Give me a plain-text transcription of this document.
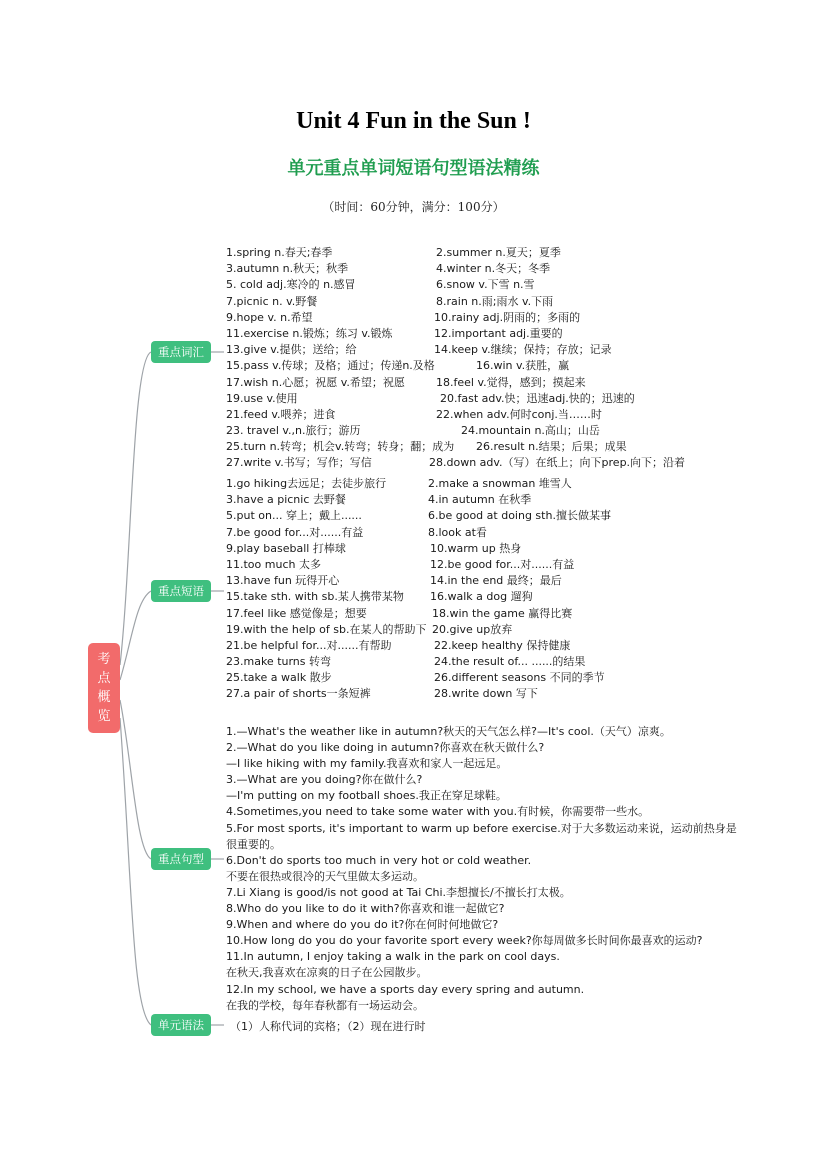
Unit 4 Fun in the Sun !
单元重点单词短语句型语法精练
（时间：60分钟，满分：100分）
考
点
概
览
重点词汇
重点短语
重点句型
单元语法
1.spring n.春天;春季	2.summer n.夏天；夏季
3.autumn n.秋天；秋季	4.winter n.冬天；冬季
5. cold adj.寒冷的 n.感冒	6.snow v.下雪 n.雪
7.picnic n. v.野餐	8.rain n.雨;雨水 v.下雨
9.hope v. n.希望	10.rainy adj.阴雨的；多雨的
11.exercise n.锻炼；练习 v.锻炼	12.important adj.重要的
13.give v.提供；送给；给	14.keep v.继续；保持；存放；记录
15.pass v.传球；及格；通过；传递n.及格	16.win v.获胜，赢
17.wish n.心愿；祝愿 v.希望；祝愿	18.feel v.觉得，感到；摸起来
19.use v.使用	20.fast adv.快；迅速adj.快的；迅速的
21.feed v.喂养；进食	22.when adv.何时conj.当……时
23. travel v.,n.旅行；游历	24.mountain n.高山；山岳
25.turn n.转弯；机会v.转弯；转身；翻；成为 26.result n.结果；后果；成果
27.write v.书写；写作；写信	28.down adv.（写）在纸上；向下prep.向下；沿着
1.go hiking去远足；去徒步旅行	2.make a snowman 堆雪人
3.have a picnic 去野餐	4.in autumn 在秋季
5.put on... 穿上；戴上......	6.be good at doing sth.擅长做某事
7.be good for...对......有益	8.look at看
9.play baseball 打棒球	10.warm up 热身
11.too much 太多	12.be good for...对......有益
13.have fun 玩得开心	14.in the end 最终；最后
15.take sth. with sb.某人携带某物 16.walk a dog 遛狗
17.feel like 感觉像是；想要	18.win the game 赢得比赛
19.with the help of sb.在某人的帮助下 20.give up放弃
21.be helpful for...对......有帮助	22.keep healthy 保持健康
23.make turns 转弯	24.the result of... ......的结果
25.take a walk 散步	26.different seasons 不同的季节
27.a pair of shorts一条短裤	28.write down 写下
1.—What's the weather like in autumn?秋天的天气怎么样?—It's cool.（天气）凉爽。
2.—What do you like doing in autumn?你喜欢在秋天做什么?
—I like hiking with my family.我喜欢和家人一起远足。
3.—What are you doing?你在做什么?
—I'm putting on my football shoes.我正在穿足球鞋。
4.Sometimes,you need to take some water with you.有时候，你需要带一些水。
5.For most sports, it's important to warm up before exercise.对于大多数运动来说，运动前热身是
很重要的。
6.Don't do sports too much in very hot or cold weather.
不要在很热或很冷的天气里做太多运动。
7.Li Xiang is good/is not good at Tai Chi.李想擅长/不擅长打太极。
8.Who do you like to do it with?你喜欢和谁一起做它?
9.When and where do you do it?你在何时何地做它?
10.How long do you do your favorite sport every week?你每周做多长时间你最喜欢的运动?
11.In autumn, I enjoy taking a walk in the park on cool days.
在秋天,我喜欢在凉爽的日子在公园散步。
12.In my school, we have a sports day every spring and autumn.
在我的学校，每年春秋都有一场运动会。
（1）人称代词的宾格；（2）现在进行时
